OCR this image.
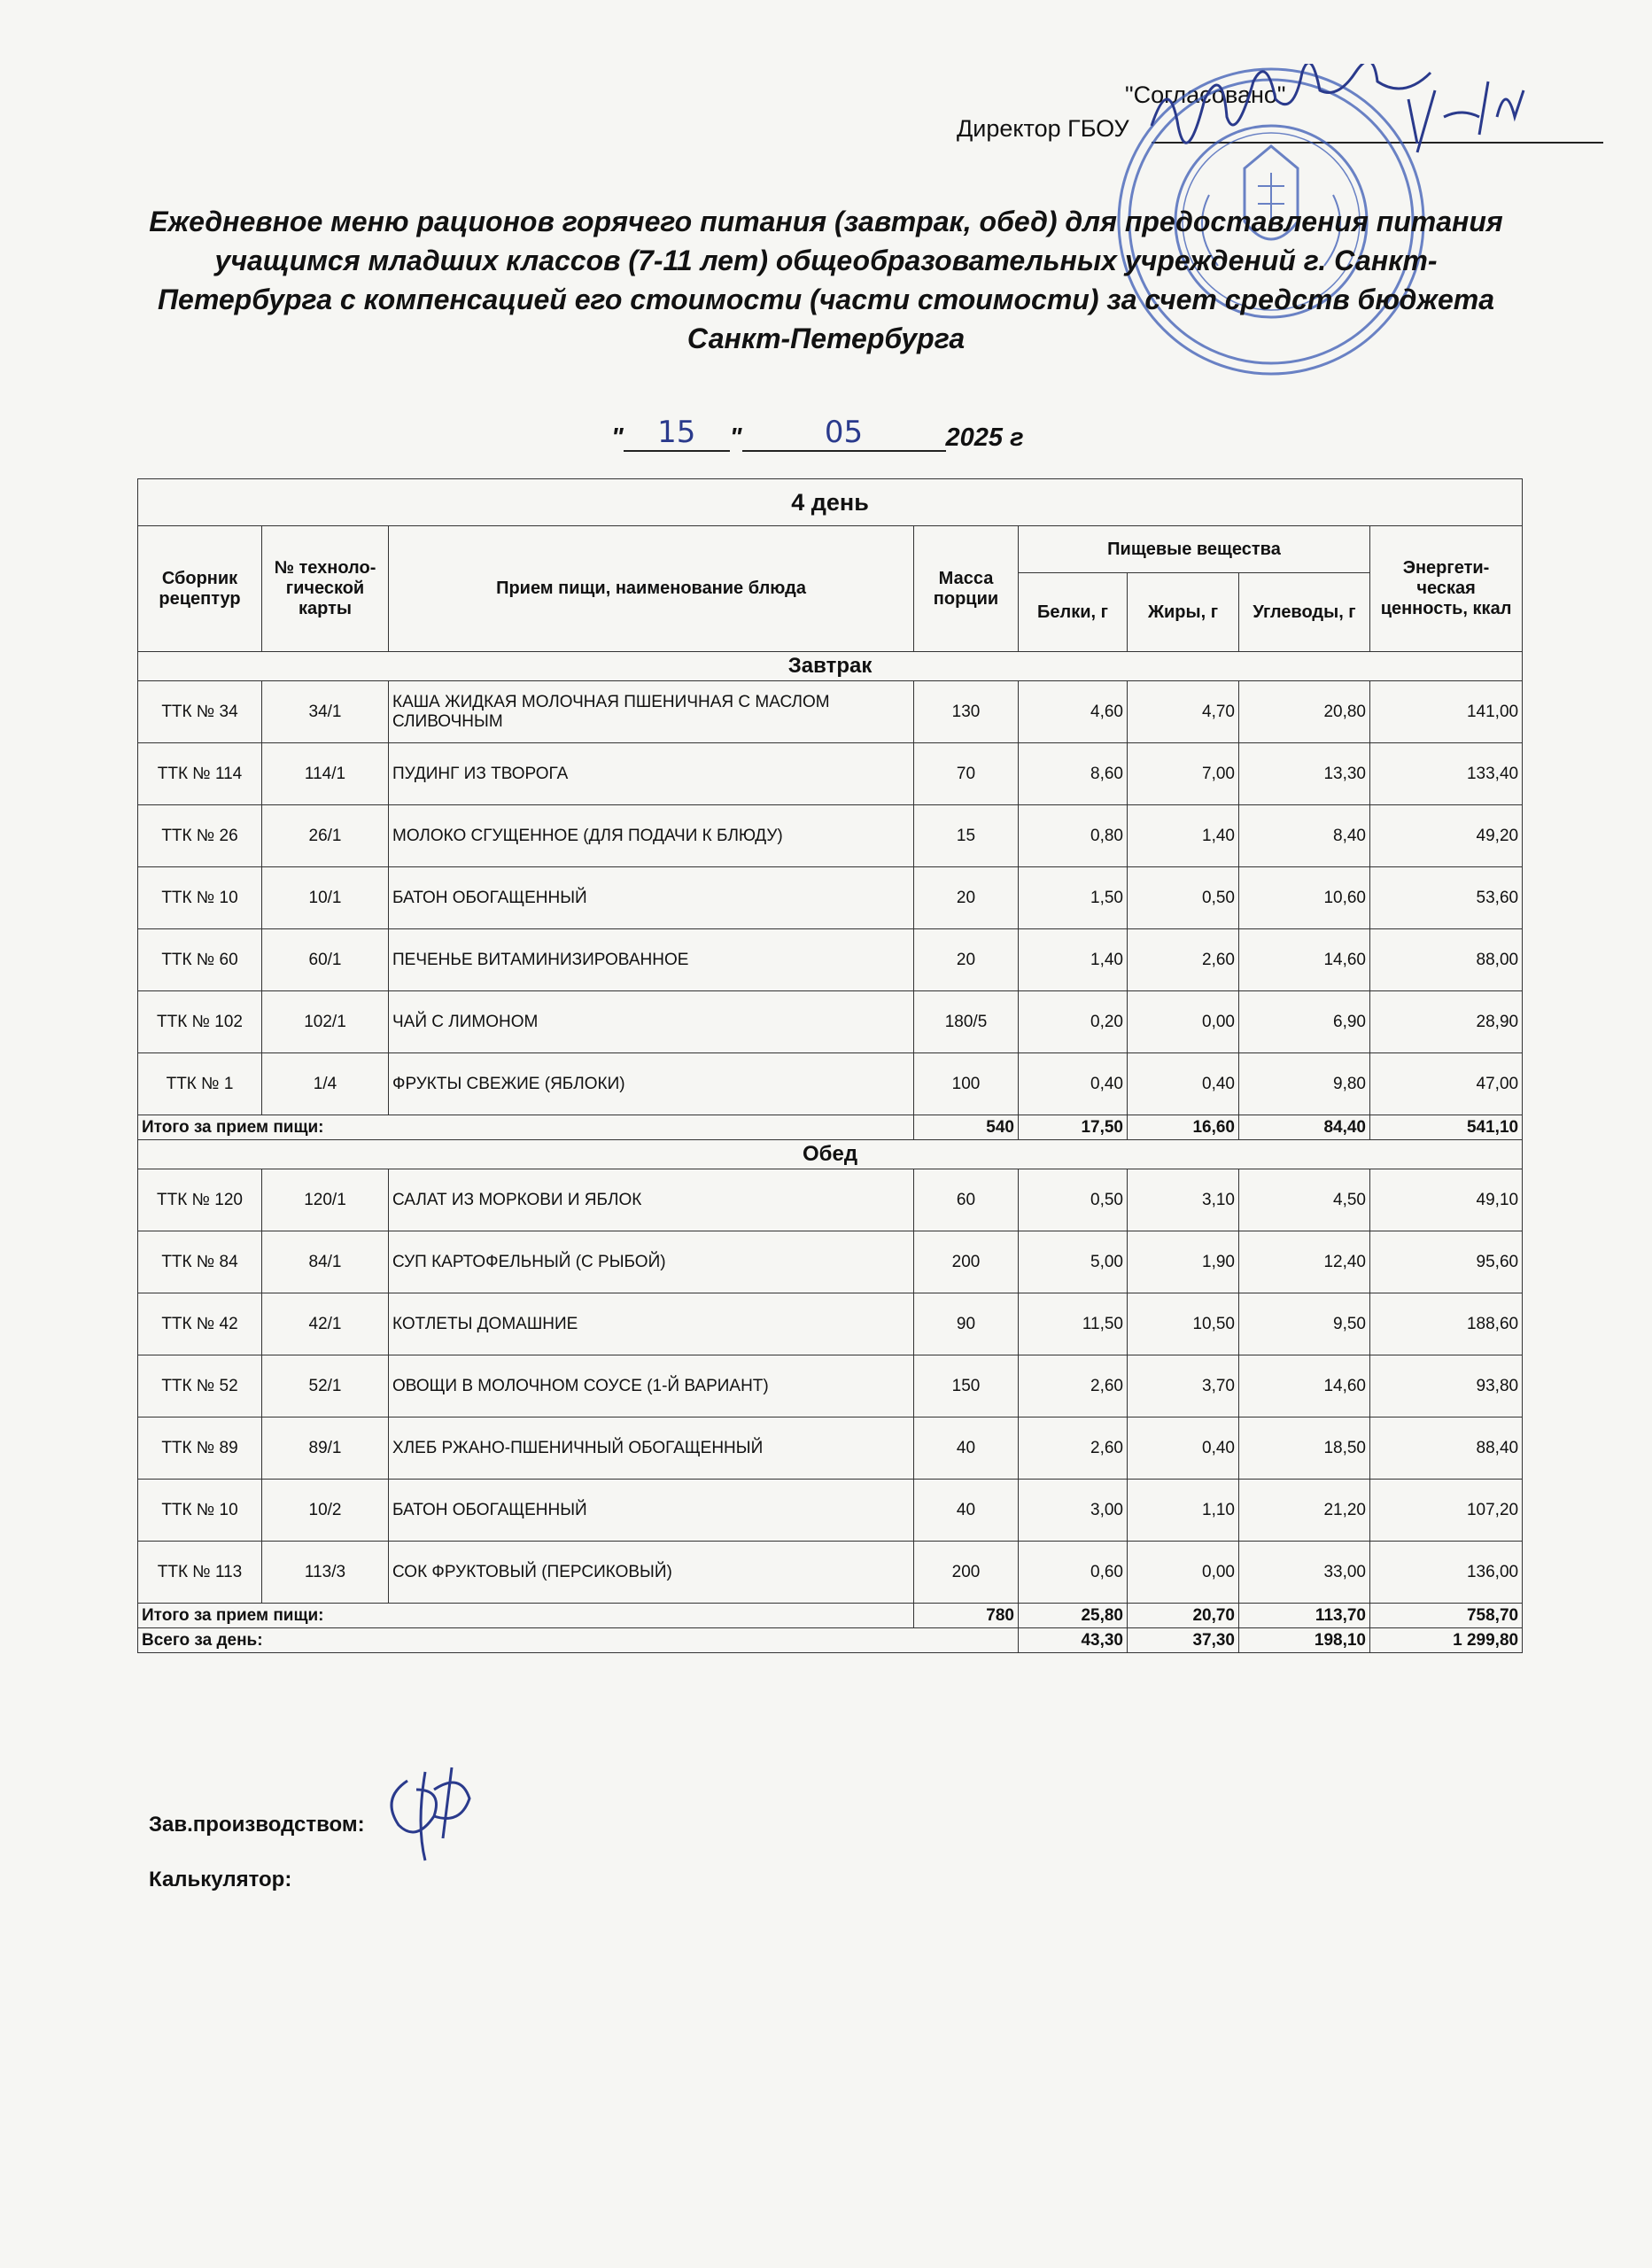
"Согласовано"
Директор ГБОУ
Ежедневное меню рационов горячего питания (завтрак, обед) для предоставления питания учащимся младших классов (7-11 лет) общеобразовательных учреждений г. Санкт-Петербурга с компенсацией его стоимости (части стоимости) за счет средств бюджета Санкт-Петербурга
" 15 "	05	2025 г
4 день							
Сборник рецептур	№ техноло-гической карты	Прием пищи, наименование блюда	Масса порции	Пищевые вещества			Энергети-ческая ценность, ккал
				Белки, г	Жиры, г	Углеводы, г	
Завтрак							
ТТК № 34	34/1	КАША ЖИДКАЯ МОЛОЧНАЯ ПШЕНИЧНАЯ С МАСЛОМ СЛИВОЧНЫМ	130	4,60	4,70	20,80	141,00
ТТК № 114	114/1	ПУДИНГ ИЗ ТВОРОГА	70	8,60	7,00	13,30	133,40
ТТК № 26	26/1	МОЛОКО СГУЩЕННОЕ (ДЛЯ ПОДАЧИ К БЛЮДУ)	15	0,80	1,40	8,40	49,20
ТТК № 10	10/1	БАТОН ОБОГАЩЕННЫЙ	20	1,50	0,50	10,60	53,60
ТТК № 60	60/1	ПЕЧЕНЬЕ ВИТАМИНИЗИРОВАННОЕ	20	1,40	2,60	14,60	88,00
ТТК № 102	102/1	ЧАЙ С ЛИМОНОМ	180/5	0,20	0,00	6,90	28,90
ТТК № 1	1/4	ФРУКТЫ СВЕЖИЕ (ЯБЛОКИ)	100	0,40	0,40	9,80	47,00
Итого за прием пищи:			540	17,50	16,60	84,40	541,10
Обед							
ТТК № 120	120/1	САЛАТ ИЗ МОРКОВИ И ЯБЛОК	60	0,50	3,10	4,50	49,10
ТТК № 84	84/1	СУП КАРТОФЕЛЬНЫЙ (С РЫБОЙ)	200	5,00	1,90	12,40	95,60
ТТК № 42	42/1	КОТЛЕТЫ ДОМАШНИЕ	90	11,50	10,50	9,50	188,60
ТТК № 52	52/1	ОВОЩИ В МОЛОЧНОМ СОУСЕ (1-Й ВАРИАНТ)	150	2,60	3,70	14,60	93,80
ТТК № 89	89/1	ХЛЕБ РЖАНО-ПШЕНИЧНЫЙ ОБОГАЩЕННЫЙ	40	2,60	0,40	18,50	88,40
ТТК № 10	10/2	БАТОН ОБОГАЩЕННЫЙ	40	3,00	1,10	21,20	107,20
ТТК № 113	113/3	СОК ФРУКТОВЫЙ (ПЕРСИКОВЫЙ)	200	0,60	0,00	33,00	136,00
Итого за прием пищи:			780	25,80	20,70	113,70	758,70
Всего за день:				43,30	37,30	198,10	1 299,80
Зав.производством:
Калькулятор:
